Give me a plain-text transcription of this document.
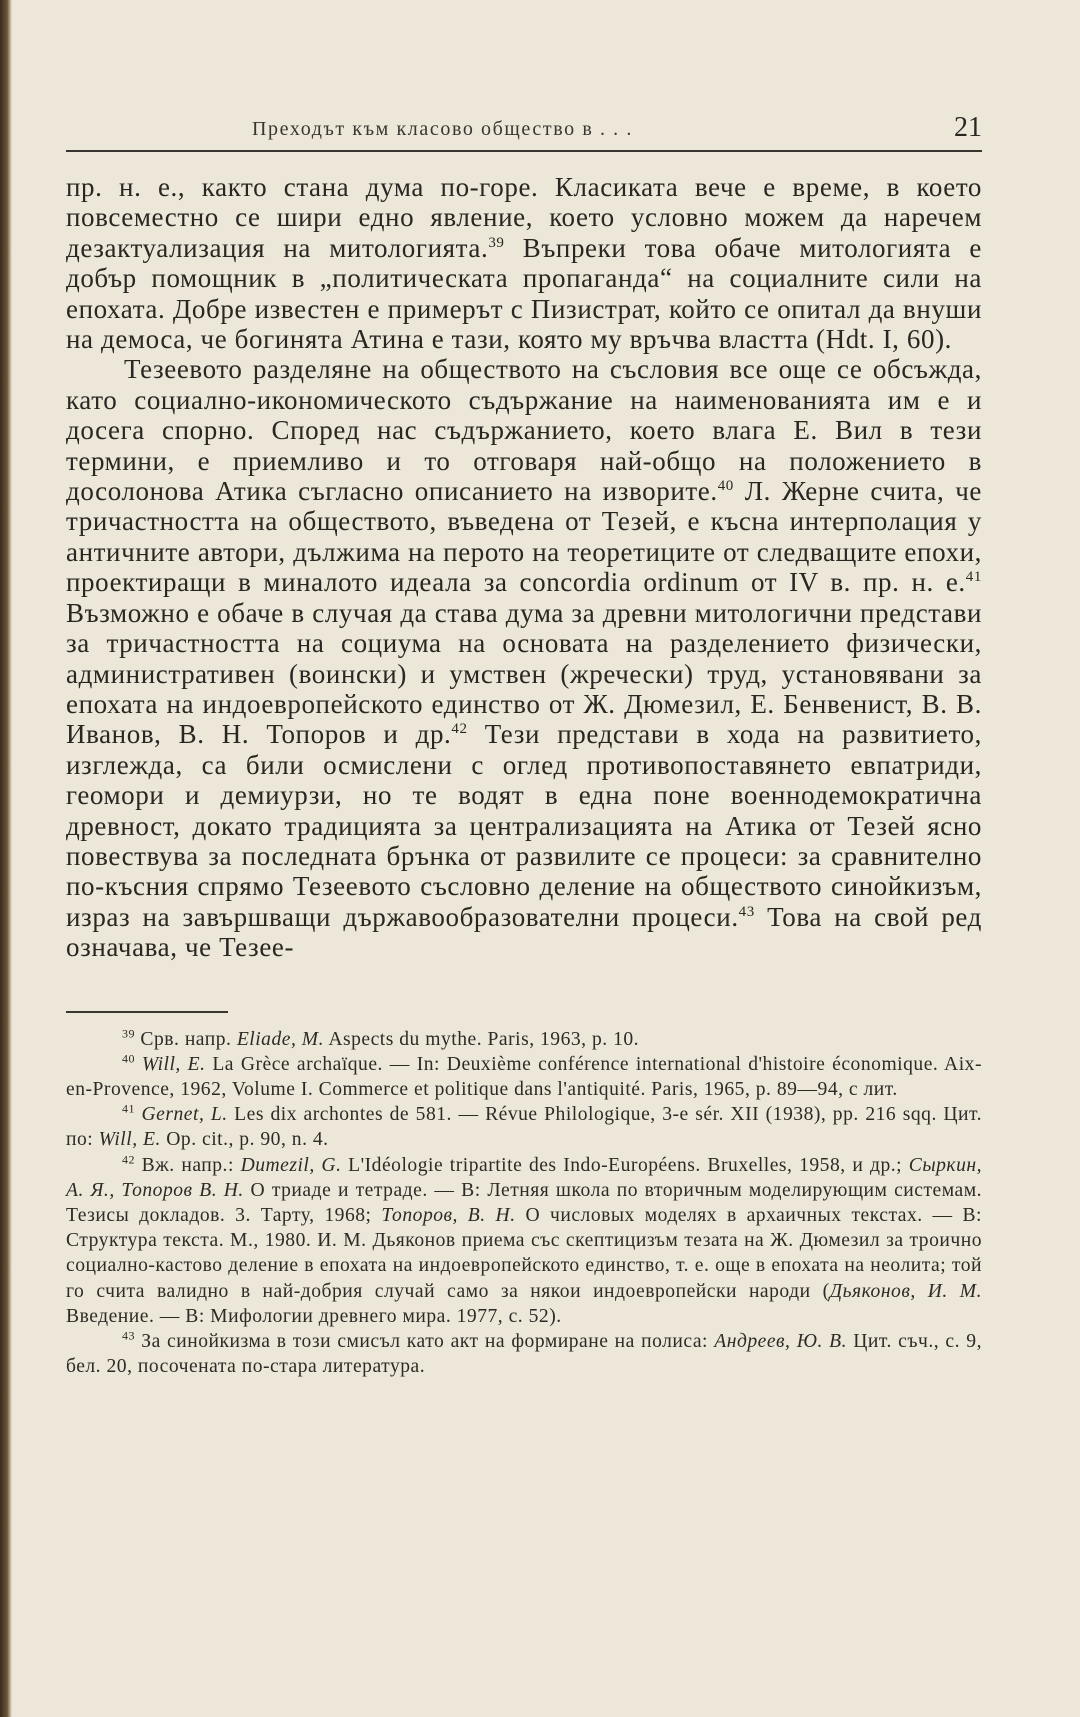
Преходът към класово общество в . . .	21

пр. н. е., както стана дума по-горе. Класиката вече е време, в което повсеместно се шири едно явление, което условно можем да наречем дезактуализация на митологията.$^{39}$ Въпреки това обаче митологията е добър помощник в „политическата пропаганда“ на социалните сили на епохата. Добре известен е примерът с Пизистрат, който се опитал да внуши на демоса, че богинята Атина е тази, която му връчва властта (Hdt. I, 60).

Тезеевото разделяне на обществото на съсловия все още се обсъжда, като социално-икономическото съдържание на наименованията им е и досега спорно. Според нас съдържанието, което влага Е. Вил в тези термини, е приемливо и то отговаря най-общо на положението в досолонова Атика съгласно описанието на изворите.$^{40}$ Л. Жерне счита, че тричастността на обществото, въведена от Тезей, е късна интерполация у античните автори, дължима на перото на теоретиците от следващите епохи, проектиращи в миналото идеала за concordia ordinum от IV в. пр. н. е.$^{41}$ Възможно е обаче в случая да става дума за древни митологични представи за тричастността на социума на основата на разделението физически, административен (воински) и умствен (жречески) труд, установявани за епохата на индоевропейското единство от Ж. Дюмезил, Е. Бенвенист, В. В. Иванов, В. Н. Топоров и др.$^{42}$ Тези представи в хода на развитието, изглежда, са били осмислени с оглед противопоставянето евпатриди, геомори и демиурзи, но те водят в една поне военнодемократична древност, докато традицията за централизацията на Атика от Тезей ясно повествува за последната брънка от развилите се процеси: за сравнително по-късния спрямо Тезеевото съсловно деление на обществото синойкизъм, израз на завършващи държавообразователни процеси.$^{43}$ Това на свой ред означава, че Тезее-

$^{39}$ Срв. напр. Eliade, M. Aspects du mythe. Paris, 1963, p. 10.

$^{40}$ Will, E. La Grèce archaïque. — In: Deuxième conférence international d'histoire économique. Aix-en-Provence, 1962, Volume I. Commerce et politique dans l'antiquité. Paris, 1965, p. 89—94, с лит.

$^{41}$ Gernet, L. Les dix archontes de 581. — Révue Philologique, 3-e sér. XII (1938), pp. 216 sqq. Цит. по: Will, E. Op. cit., p. 90, n. 4.

$^{42}$ Вж. напр.: Dumezil, G. L'Idéologie tripartite des Indo-Européens. Bruxelles, 1958, и др.; Сыркин, А. Я., Топоров В. Н. О триаде и тетраде. — В: Летняя школа по вторичным моделирующим системам. Тезисы докладов. 3. Тарту, 1968; Топоров, В. Н. О числовых моделях в архаичных текстах. — В: Структура текста. М., 1980. И. М. Дьяконов приема със скептицизъм тезата на Ж. Дюмезил за троично социално-кастово деление в епохата на индоевропейското единство, т. е. още в епохата на неолита; той го счита валидно в най-добрия случай само за някои индоевропейски народи (Дьяконов, И. М. Введение. — В: Мифологии древнего мира. 1977, с. 52).

$^{43}$ За синойкизма в този смисъл като акт на формиране на полиса: Андреев, Ю. В. Цит. съч., с. 9, бел. 20, посочената по-стара литература.
